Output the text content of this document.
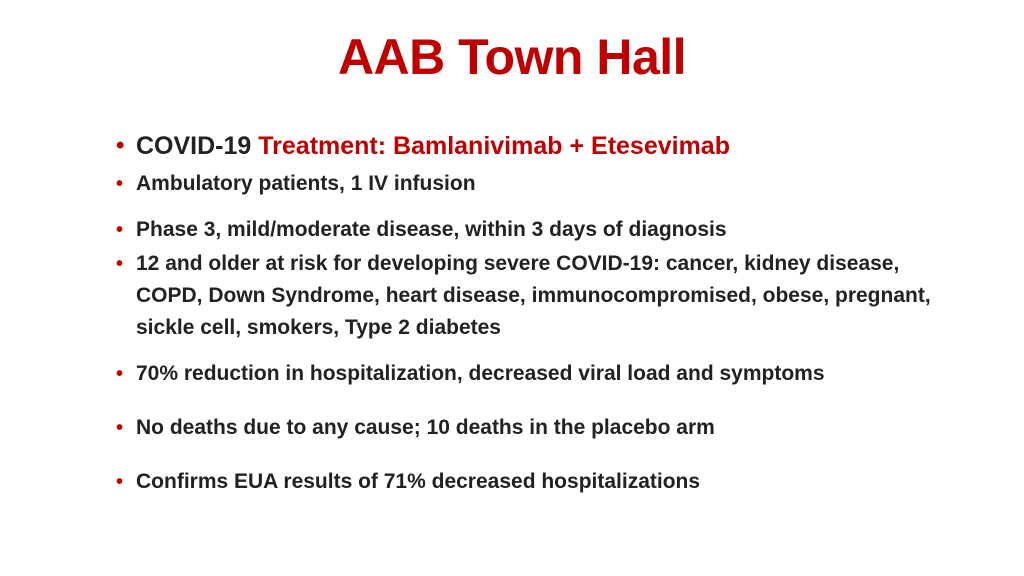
AAB Town Hall
• COVID-19 Treatment: Bamlanivimab + Etesevimab
• Ambulatory patients, 1 IV infusion
• Phase 3, mild/moderate disease, within 3 days of diagnosis
• 12 and older at risk for developing severe COVID-19: cancer, kidney disease, COPD, Down Syndrome, heart disease, immunocompromised, obese, pregnant, sickle cell, smokers, Type 2 diabetes
• 70% reduction in hospitalization, decreased viral load and symptoms
• No deaths due to any cause; 10 deaths in the placebo arm
• Confirms EUA results of 71% decreased hospitalizations
